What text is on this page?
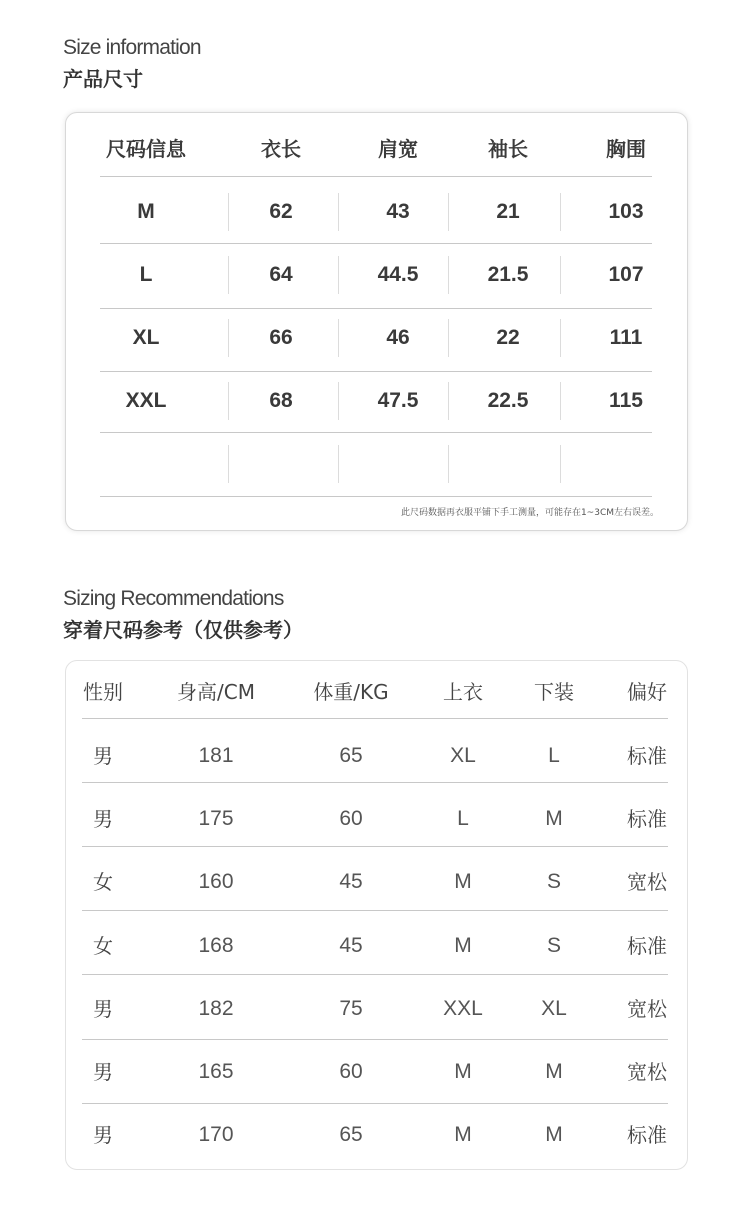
Size information
产品尺寸
尺码信息	衣长	肩宽	袖长	胸围
M	62	43	21	103
L	64	44.5	21.5	107
XL	66	46	22	111
XXL	68	47.5	22.5	115
此尺码数据再衣服平铺下手工测量，可能存在1~3CM左右误差。
Sizing Recommendations
穿着尺码参考（仅供参考）
性别	身高/CM	体重/KG	上衣	下装	偏好
男	181	65	XL	L	标准
男	175	60	L	M	标准
女	160	45	M	S	宽松
女	168	45	M	S	标准
男	182	75	XXL	XL	宽松
男	165	60	M	M	宽松
男	170	65	M	M	标准
